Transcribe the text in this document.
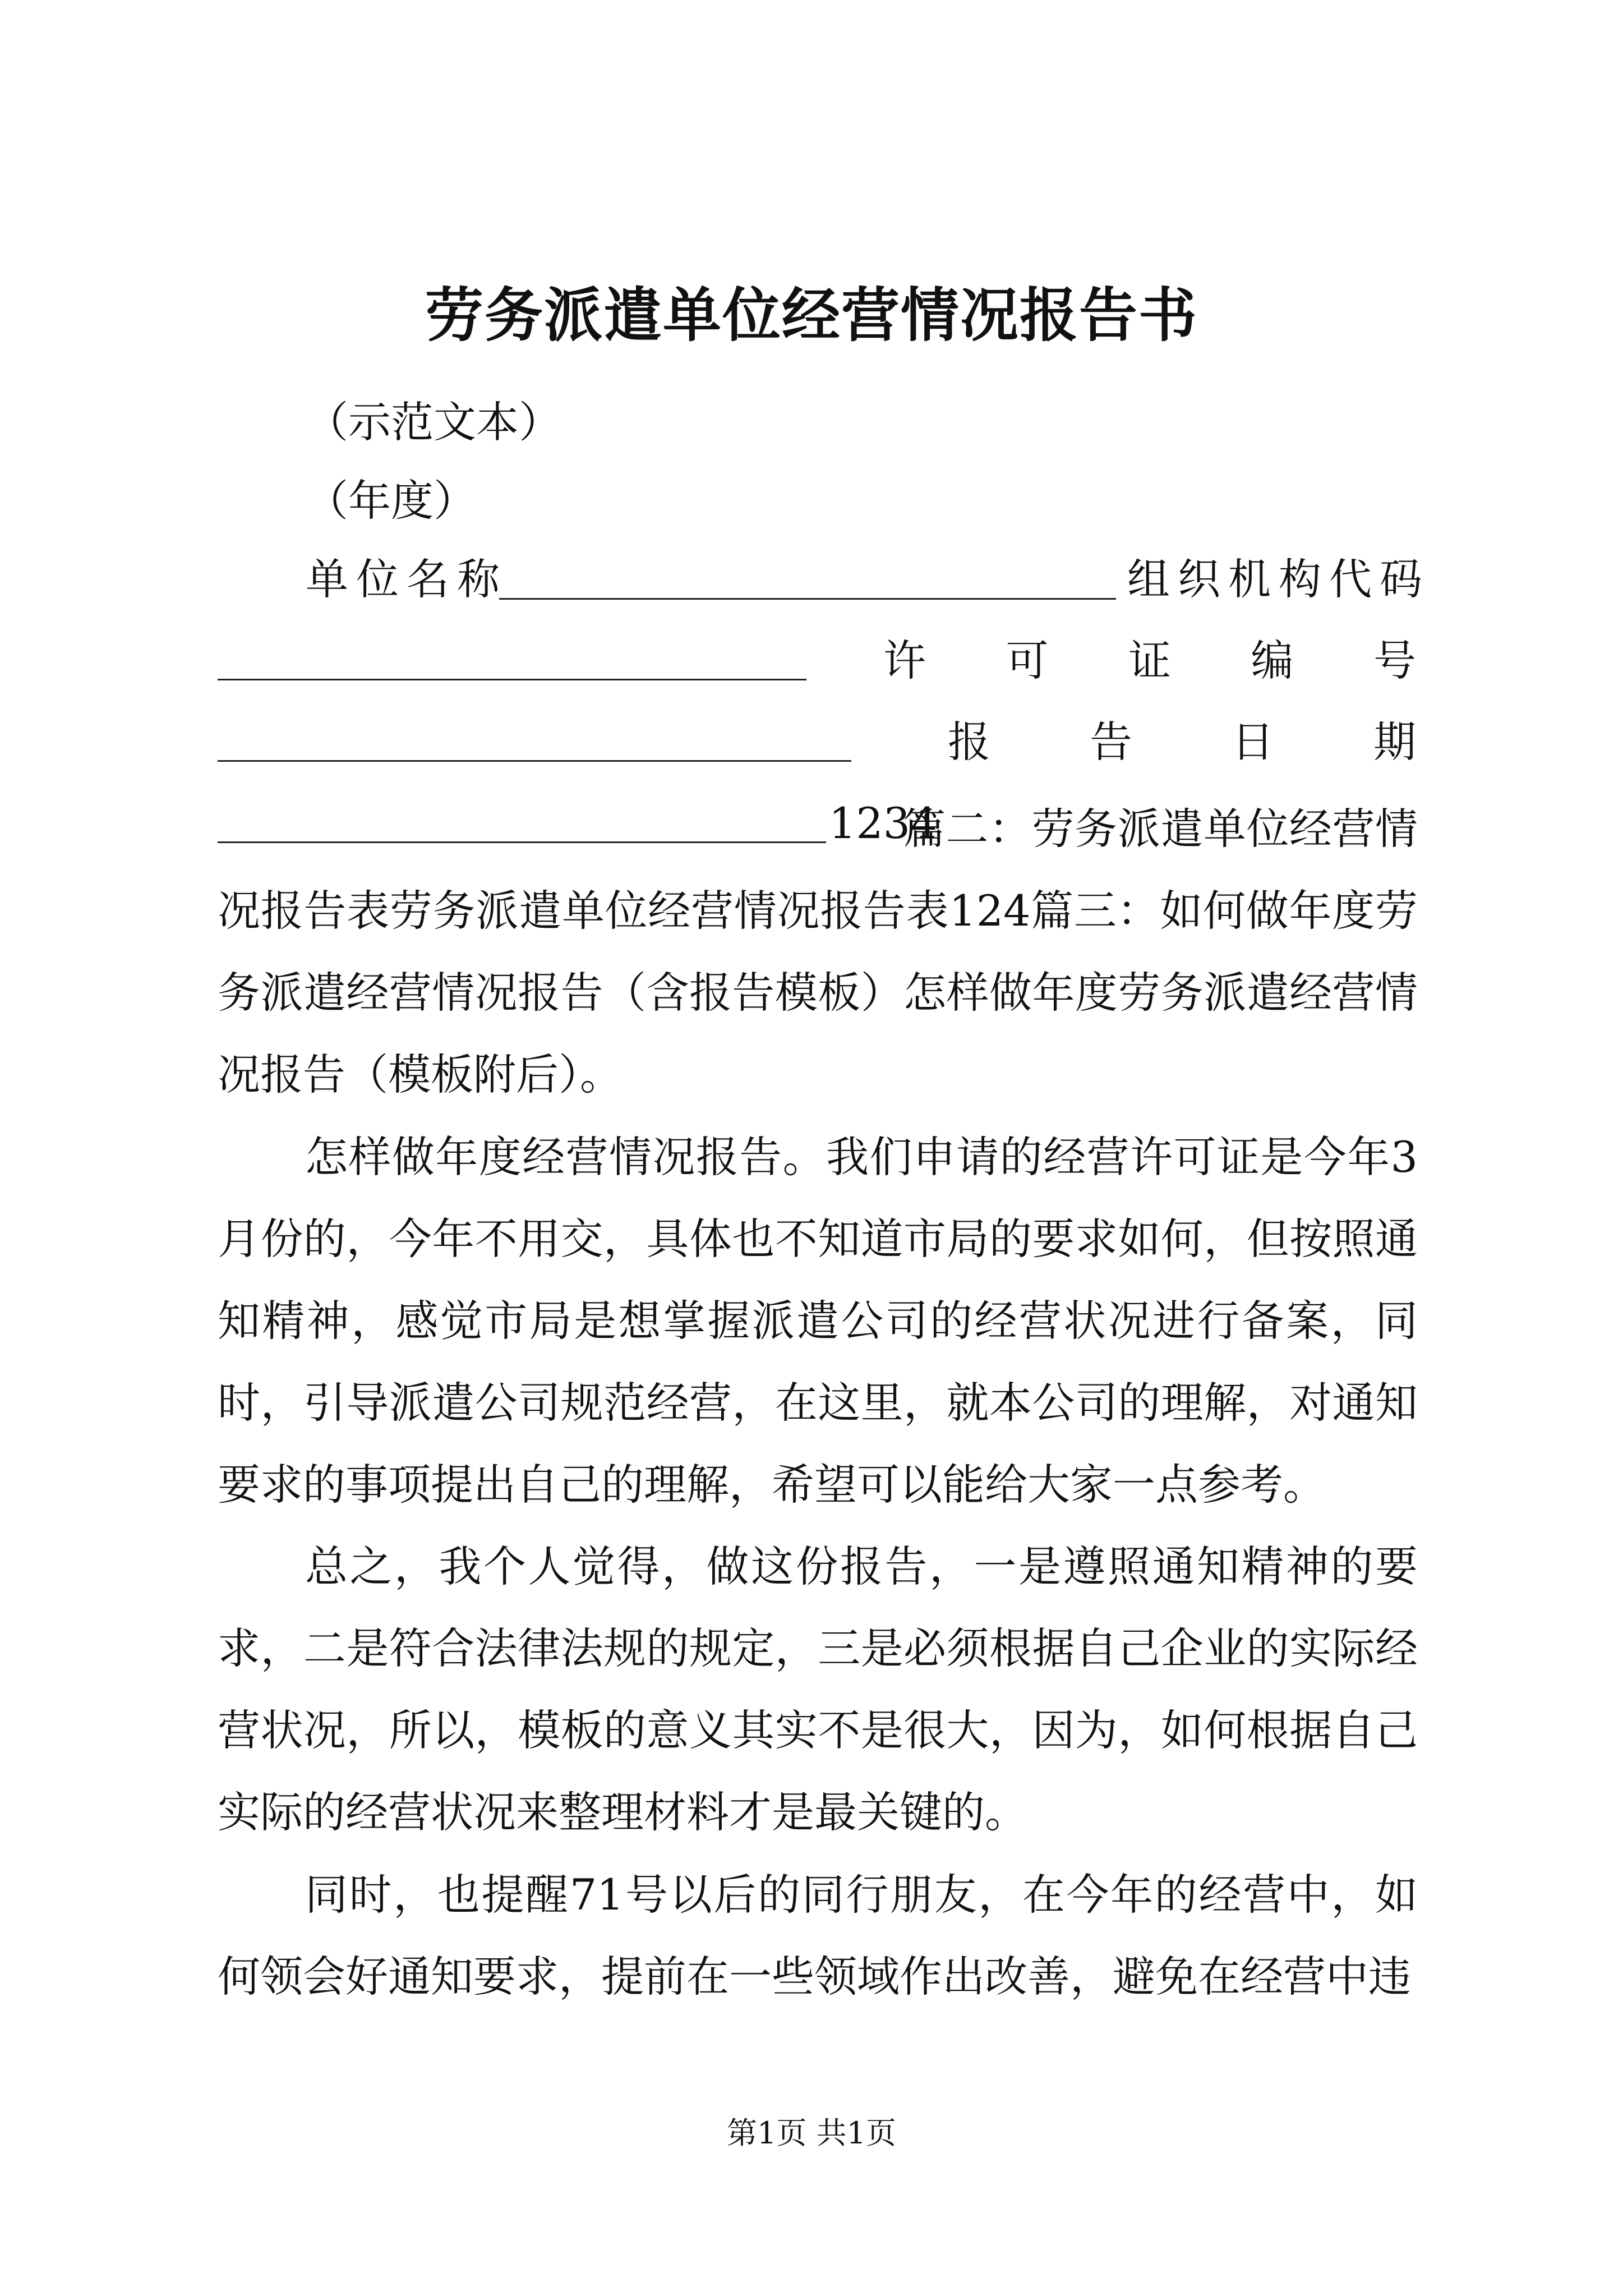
劳务派遣单位经营情况报告书
（示范文本）
（年度）
单位名称	组织机构代码
许 可 证 编 号
报 告 日 期
1234

篇二：劳务派遣单位经营情况报告表劳务派遣单位经营情况报告表124篇三：如何做年度劳务派遣经营情况报告（含报告模板）怎样做年度劳务派遣经营情况报告（模板附后）。

怎样做年度经营情况报告。我们申请的经营许可证是今年3月份的，今年不用交，具体也不知道市局的要求如何，但按照通知精神，感觉市局是想掌握派遣公司的经营状况进行备案，同时，引导派遣公司规范经营，在这里，就本公司的理解，对通知要求的事项提出自己的理解，希望可以能给大家一点参考。

总之，我个人觉得，做这份报告，一是遵照通知精神的要求，二是符合法律法规的规定，三是必须根据自己企业的实际经营状况，所以，模板的意义其实不是很大，因为，如何根据自己实际的经营状况来整理材料才是最关键的。

同时，也提醒71号以后的同行朋友，在今年的经营中，如何领会好通知要求，提前在一些领域作出改善，避免在经营中违

第1页 共1页
